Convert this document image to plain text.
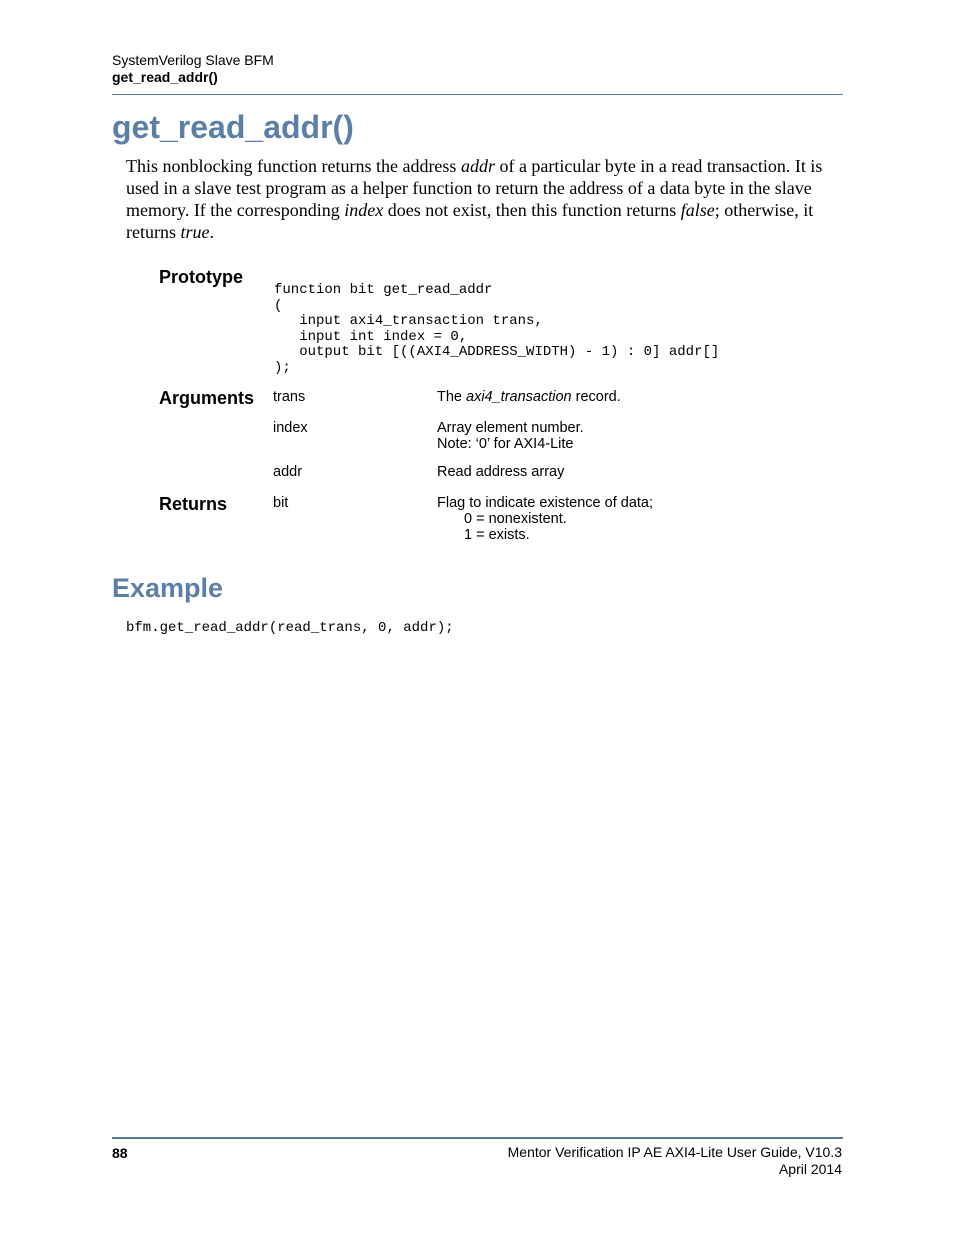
SystemVerilog Slave BFM
get_read_addr()
get_read_addr()

This nonblocking function returns the address addr of a particular byte in a read transaction. It is used in a slave test program as a helper function to return the address of a data byte in the slave memory. If the corresponding index does not exist, then this function returns false; otherwise, it returns true.

Prototype
function bit get_read_addr
(
input axi4_transaction trans,
input int index = 0,
output bit [((AXI4_ADDRESS_WIDTH) - 1) : 0] addr[]
);
Arguments trans	The axi4_transaction record.
index	Array element number.
Note: ‘0’ for AXI4-Lite
addr	Read address array
Returns	bit	Flag to indicate existence of data;
0 = nonexistent.
1 = exists.
Example
bfm.get_read_addr(read_trans, 0, addr);
88	Mentor Verification IP AE AXI4-Lite User Guide, V10.3
April 2014
